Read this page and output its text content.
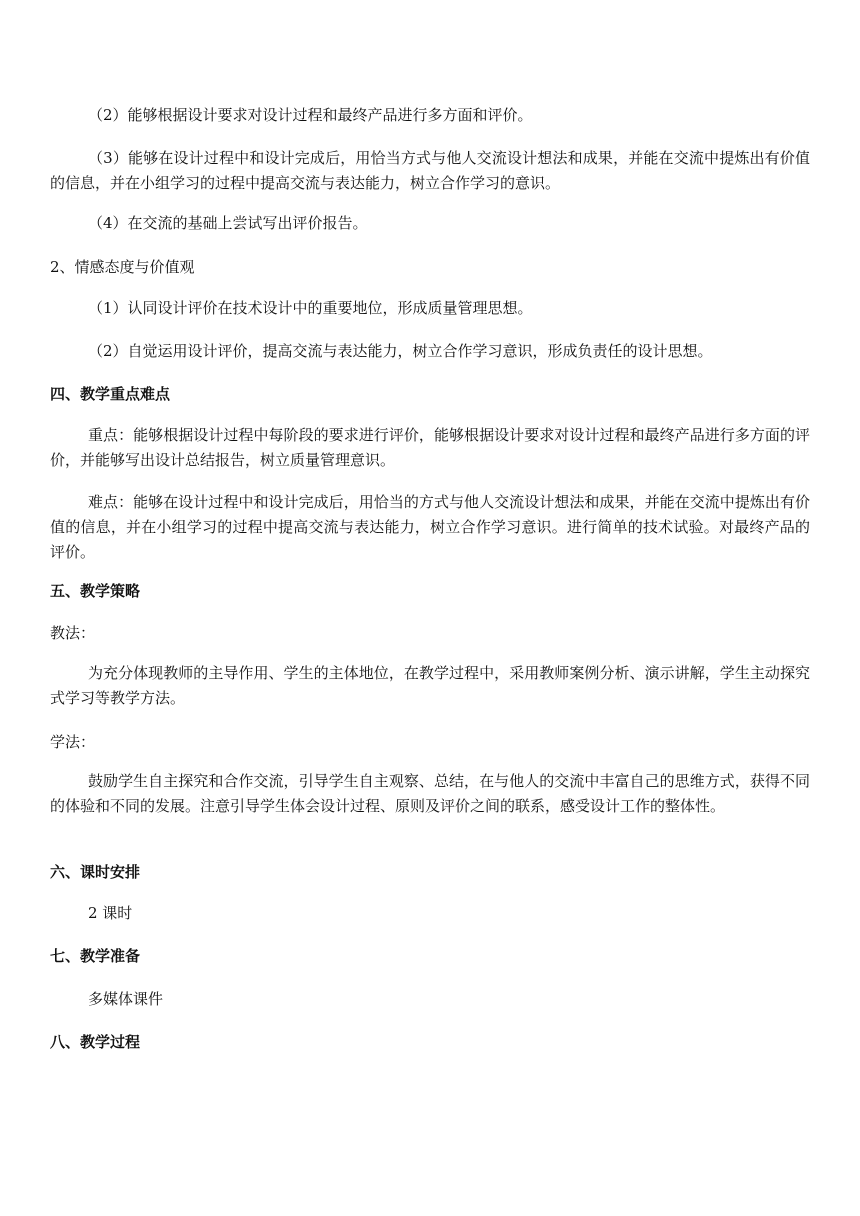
（2）能够根据设计要求对设计过程和最终产品进行多方面和评价。
（3）能够在设计过程中和设计完成后，用恰当方式与他人交流设计想法和成果，并能在交流中提炼出有价值的信息，并在小组学习的过程中提高交流与表达能力，树立合作学习的意识。
（4）在交流的基础上尝试写出评价报告。
2、情感态度与价值观
（1）认同设计评价在技术设计中的重要地位，形成质量管理思想。
（2）自觉运用设计评价，提高交流与表达能力，树立合作学习意识，形成负责任的设计思想。
四、教学重点难点
重点：能够根据设计过程中每阶段的要求进行评价，能够根据设计要求对设计过程和最终产品进行多方面的评价，并能够写出设计总结报告，树立质量管理意识。
难点：能够在设计过程中和设计完成后，用恰当的方式与他人交流设计想法和成果，并能在交流中提炼出有价值的信息，并在小组学习的过程中提高交流与表达能力，树立合作学习意识。进行简单的技术试验。对最终产品的评价。
五、教学策略
教法：
为充分体现教师的主导作用、学生的主体地位，在教学过程中，采用教师案例分析、演示讲解，学生主动探究式学习等教学方法。
学法：
鼓励学生自主探究和合作交流，引导学生自主观察、总结，在与他人的交流中丰富自己的思维方式，获得不同的体验和不同的发展。注意引导学生体会设计过程、原则及评价之间的联系，感受设计工作的整体性。
六、课时安排
2 课时
七、教学准备
多媒体课件
八、教学过程
